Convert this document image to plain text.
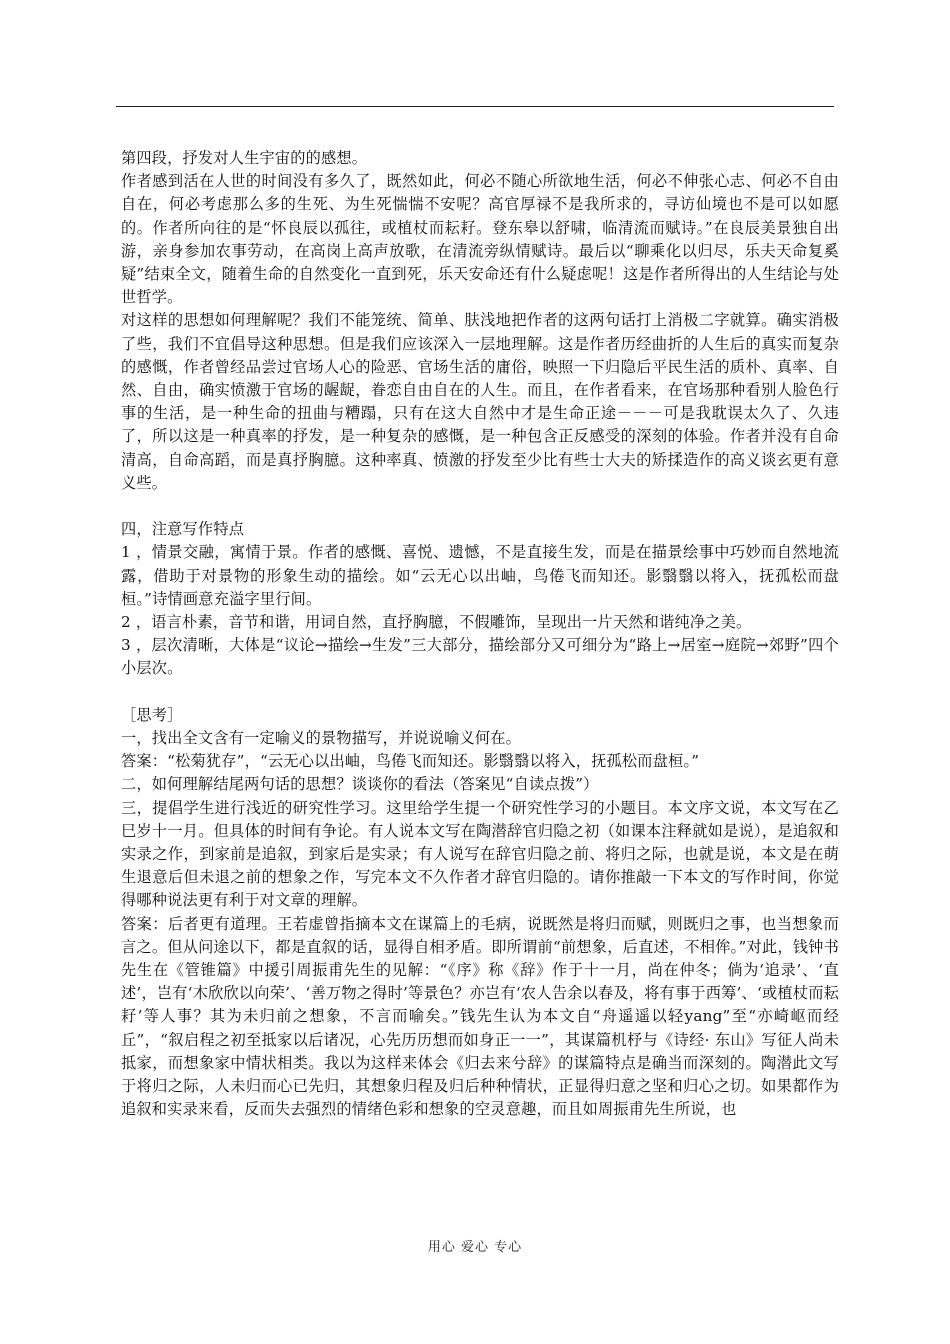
第四段，抒发对人生宇宙的的感想。

作者感到活在人世的时间没有多久了，既然如此，何必不随心所欲地生活，何必不伸张心志、何必不自由自在，何必考虑那么多的生死、为生死惴惴不安呢？高官厚禄不是我所求的，寻访仙境也不是可以如愿的。作者所向往的是“怀良辰以孤往，或植杖而耘耔。登东皋以舒啸，临清流而赋诗。”在良辰美景独自出游，亲身参加农事劳动，在高岗上高声放歌，在清流旁纵情赋诗。最后以“聊乘化以归尽，乐夫天命复奚疑”结束全文，随着生命的自然变化一直到死，乐天安命还有什么疑虑呢！这是作者所得出的人生结论与处世哲学。

对这样的思想如何理解呢？我们不能笼统、简单、肤浅地把作者的这两句话打上消极二字就算。确实消极了些，我们不宜倡导这种思想。但是我们应该深入一层地理解。这是作者历经曲折的人生后的真实而复杂的感慨，作者曾经品尝过官场人心的险恶、官场生活的庸俗，映照一下归隐后平民生活的质朴、真率、自然、自由，确实愤激于官场的龌龊，眷恋自由自在的人生。而且，在作者看来，在官场那种看别人脸色行事的生活，是一种生命的扭曲与糟蹋，只有在这大自然中才是生命正途－－－可是我耽误太久了、久违了，所以这是一种真率的抒发，是一种复杂的感慨，是一种包含正反感受的深刻的体验。作者并没有自命清高，自命高蹈，而是真抒胸臆。这种率真、愤激的抒发至少比有些士大夫的矫揉造作的高义谈玄更有意义些。

四，注意写作特点

1 ，情景交融，寓情于景。作者的感慨、喜悦、遗憾，不是直接生发，而是在描景绘事中巧妙而自然地流露，借助于对景物的形象生动的描绘。如“云无心以出岫，鸟倦飞而知还。影翳翳以将入，抚孤松而盘桓。”诗情画意充溢字里行间。

2 ，语言朴素，音节和谐，用词自然，直抒胸臆，不假雕饰，呈现出一片天然和谐纯净之美。

3 ，层次清晰，大体是“议论→描绘→生发”三大部分，描绘部分又可细分为“路上→居室→庭院→郊野”四个小层次。

［思考］

一，找出全文含有一定喻义的景物描写，并说说喻义何在。

答案：“松菊犹存”，“云无心以出岫，鸟倦飞而知还。影翳翳以将入，抚孤松而盘桓。”

二，如何理解结尾两句话的思想？谈谈你的看法（答案见“自读点拨”）

三，提倡学生进行浅近的研究性学习。这里给学生提一个研究性学习的小题目。本文序文说，本文写在乙巳岁十一月。但具体的时间有争论。有人说本文写在陶潜辞官归隐之初（如课本注释就如是说），是追叙和实录之作，到家前是追叙，到家后是实录；有人说写在辞官归隐之前、将归之际，也就是说，本文是在萌生退意后但未退之前的想象之作，写完本文不久作者才辞官归隐的。请你推敲一下本文的写作时间，你觉得哪种说法更有利于对文章的理解。

答案：后者更有道理。王若虚曾指摘本文在谋篇上的毛病，说既然是将归而赋，则既归之事，也当想象而言之。但从问途以下，都是直叙的话，显得自相矛盾。即所谓前“前想象，后直述，不相侔。”对此，钱钟书先生在《管锥篇》中援引周振甫先生的见解：“《序》称《辞》作于十一月，尚在仲冬；倘为‘追录’、‘直述’，岂有‘木欣欣以向荣’、‘善万物之得时’等景色？亦岂有‘农人告余以春及，将有事于西筹’、‘或植杖而耘耔’等人事？其为未归前之想象，不言而喻矣。”钱先生认为本文自“舟遥遥以轻yang”至“亦崎岖而经丘”，“叙启程之初至抵家以后诸况，心先历历想而如身正一一”，其谋篇机杼与《诗经· 东山》写征人尚未抵家，而想象家中情状相类。我以为这样来体会《归去来兮辞》的谋篇特点是确当而深刻的。陶潜此文写于将归之际，人未归而心已先归，其想象归程及归后种种情状，正显得归意之坚和归心之切。如果都作为追叙和实录来看，反而失去强烈的情绪色彩和想象的空灵意趣，而且如周振甫先生所说，也

用心 爱心 专心
